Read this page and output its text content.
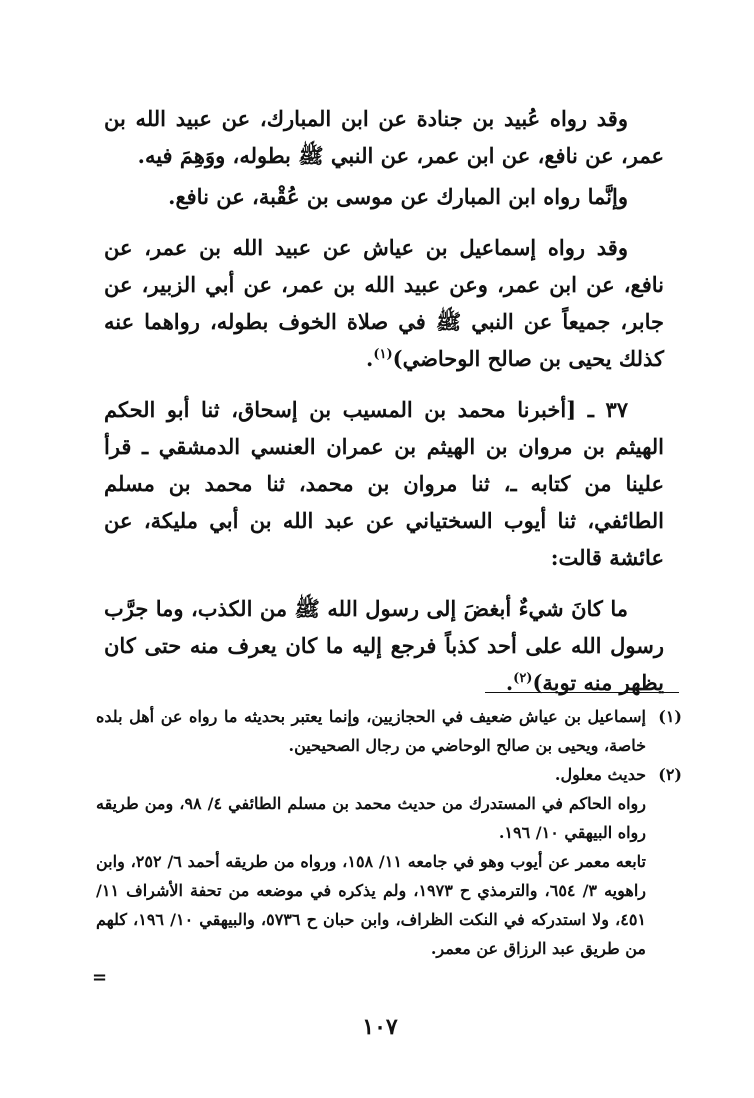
وقد رواه عُبيد بن جنادة عن ابن المبارك، عن عبيد الله بن عمر، عن نافع، عن ابن عمر، عن النبي ﷺ بطوله، ووَهِمَ فيه.

وإنَّما رواه ابن المبارك عن موسى بن عُقْبة، عن نافع.

وقد رواه إسماعيل بن عياش عن عبيد الله بن عمر، عن نافع، عن ابن عمر، وعن عبيد الله بن عمر، عن أبي الزبير، عن جابر، جميعاً عن النبي ﷺ في صلاة الخوف بطوله، رواهما عنه كذلك يحيى بن صالح الوحاضي)$^{(١)}$.

٣٧ ـ [أخبرنا محمد بن المسيب بن إسحاق، ثنا أبو الحكم الهيثم بن مروان بن الهيثم بن عمران العنسي الدمشقي ـ قرأ علينا من كتابه ـ، ثنا مروان بن محمد، ثنا محمد بن مسلم الطائفي، ثنا أيوب السختياني عن عبد الله بن أبي مليكة، عن عائشة قالت:

ما كانَ شيءٌ أبغضَ إلى رسول الله ﷺ من الكذب، وما جرَّب رسول الله على أحد كذباً فرجع إليه ما كان يعرف منه حتى كان يظهر منه توبة)$^{(٢)}$.

(١)
إسماعيل بن عياش ضعيف في الحجازيين، وإنما يعتبر بحديثه ما رواه عن أهل بلده خاصة، ويحيى بن صالح الوحاضي من رجال الصحيحين.
(٢)
حديث معلول.

رواه الحاكم في المستدرك من حديث محمد بن مسلم الطائفي ٤/ ٩٨، ومن طريقه رواه البيهقي ١٠/ ١٩٦.

تابعه معمر عن أيوب وهو في جامعه ١١/ ١٥٨، ورواه من طريقه أحمد ٦/ ٢٥٢، وابن راهويه ٣/ ٦٥٤، والترمذي ح ١٩٧٣، ولم يذكره في موضعه من تحفة الأشراف ١١/ ٤٥١، ولا استدركه في النكت الظراف، وابن حبان ح ٥٧٣٦، والبيهقي ١٠/ ١٩٦، كلهم من طريق عبد الرزاق عن معمر.

=
١٠٧
